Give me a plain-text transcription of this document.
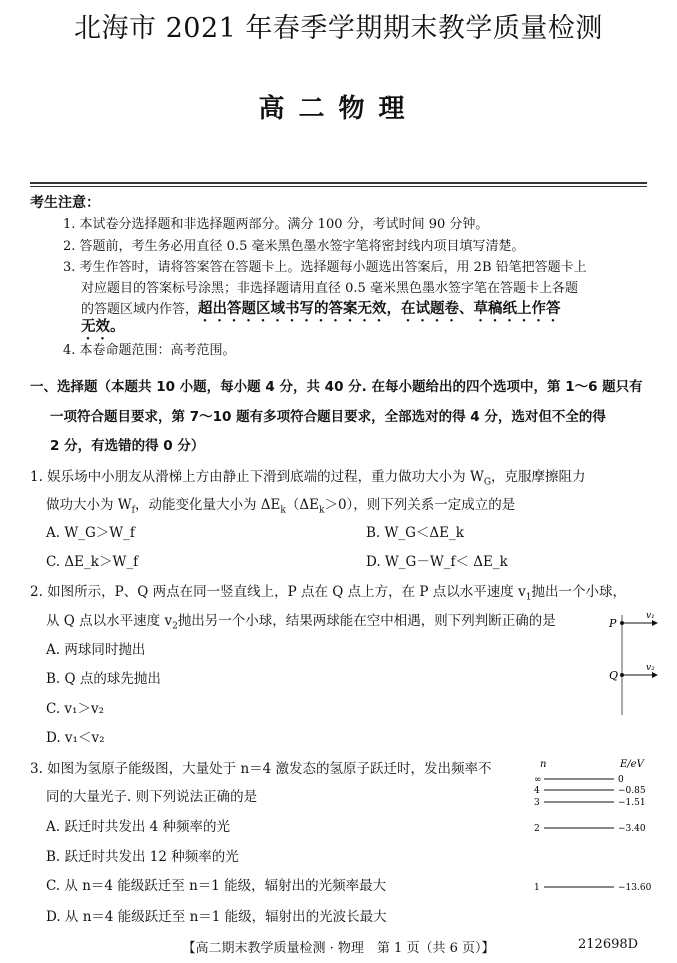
北海市 2021 年春季学期期末教学质量检测
高二物理
考生注意：
1. 本试卷分选择题和非选择题两部分。满分 100 分，考试时间 90 分钟。
2. 答题前，考生务必用直径 0.5 毫米黑色墨水签字笔将密封线内项目填写清楚。
3. 考生作答时，请将答案答在答题卡上。选择题每小题选出答案后，用 2B 铅笔把答题卡上
对应题目的答案标号涂黑；非选择题请用直径 0.5 毫米黑色墨水签字笔在答题卡上各题
的答题区域内作答，超出答题区域书写的答案无效，在试题卷、草稿纸上作答
无效。
4. 本卷命题范围：高考范围。
一、选择题（本题共 10 小题，每小题 4 分，共 40 分. 在每小题给出的四个选项中，第 1～6 题只有
一项符合题目要求，第 7～10 题有多项符合题目要求，全部选对的得 4 分，选对但不全的得
2 分，有选错的得 0 分）
1. 娱乐场中小朋友从滑梯上方由静止下滑到底端的过程，重力做功大小为 $W_G$，克服摩擦阻力
做功大小为 $W_f$，动能变化量大小为 $\Delta E_k(\Delta E_k>0)$，则下列关系一定成立的是
A. W_G＞W_f	B. W_G＜ΔE_k
C. ΔE_k＞W_f	D. W_G－W_f＜ ΔE_k
2. 如图所示，P、Q 两点在同一竖直线上，P 点在 Q 点上方，在 P 点以水平速度 $v_1$抛出一个小球，
从 Q 点以水平速度 $v_2$抛出另一个小球，结果两球能在空中相遇，则下列判断正确的是
A. 两球同时抛出
B. Q 点的球先抛出
C. v₁＞v₂
D. v₁＜v₂
P
Q
v₁
v₂
3. 如图为氢原子能级图，大量处于 n＝4 激发态的氢原子跃迁时，发出频率不
同的大量光子. 则下列说法正确的是
A. 跃迁时共发出 4 种频率的光
B. 跃迁时共发出 12 种频率的光
C. 从 n＝4 能级跃迁至 n＝1 能级，辐射出的光频率最大
D. 从 n＝4 能级跃迁至 n＝1 能级，辐射出的光波长最大
n	E/eV
∞	0
4	−0.85
3	−1.51
2	−3.40
1	−13.60
【高二期末教学质量检测 · 物理　第 1 页（共 6 页）】	212698D
